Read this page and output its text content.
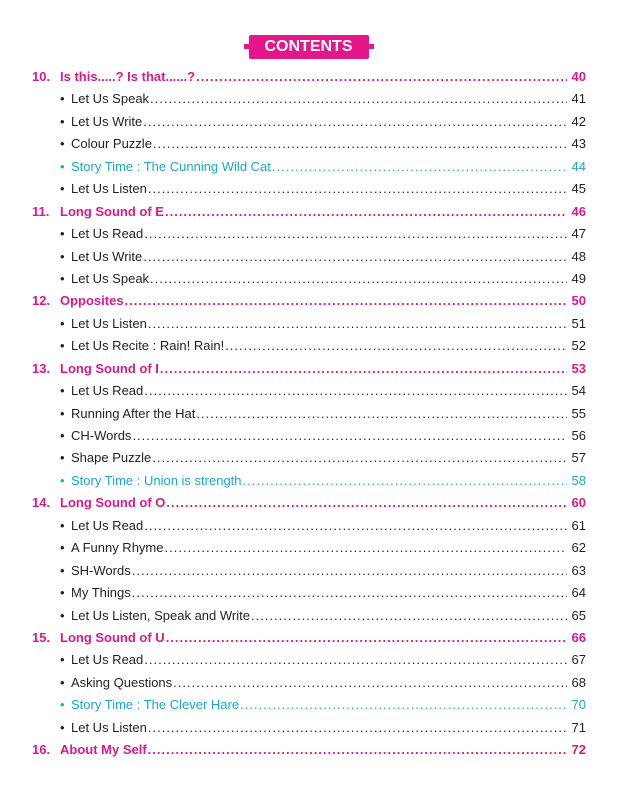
CONTENTS
10. Is this.....? Is that......? .....	40
• Let Us Speak .....	41
• Let Us Write .....	42
• Colour Puzzle .....	43
• Story Time : The Cunning Wild Cat .....	44
• Let Us Listen .....	45
11. Long Sound of E .....	46
• Let Us Read .....	47
• Let Us Write .....	48
• Let Us Speak .....	49
12. Opposites .....	50
• Let Us Listen .....	51
• Let Us Recite : Rain! Rain! .....	52
13. Long Sound of I .....	53
• Let Us Read .....	54
• Running After the Hat .....	55
• CH-Words .....	56
• Shape Puzzle .....	57
• Story Time : Union is strength .....	58
14. Long Sound of O .....	60
• Let Us Read .....	61
• A Funny Rhyme .....	62
• SH-Words .....	63
• My Things .....	64
• Let Us Listen, Speak and Write .....	65
15. Long Sound of U .....	66
• Let Us Read .....	67
• Asking Questions .....	68
• Story Time : The Clever Hare .....	70
• Let Us Listen .....	71
16. About My Self .....	72
